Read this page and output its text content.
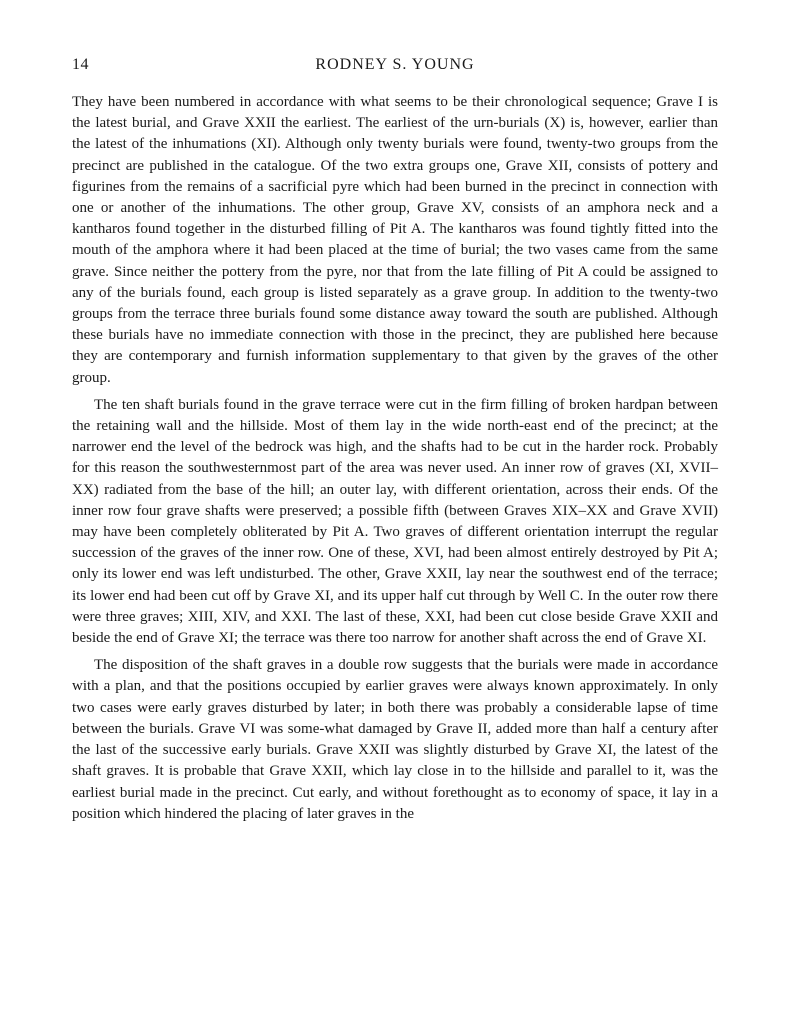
14	RODNEY S. YOUNG

They have been numbered in accordance with what seems to be their chronological sequence; Grave I is the latest burial, and Grave XXII the earliest. The earliest of the urn-burials (X) is, however, earlier than the latest of the inhumations (XI). Although only twenty burials were found, twenty-two groups from the precinct are published in the catalogue. Of the two extra groups one, Grave XII, consists of pottery and figurines from the remains of a sacrificial pyre which had been burned in the precinct in connection with one or another of the inhumations. The other group, Grave XV, consists of an amphora neck and a kantharos found together in the disturbed filling of Pit A. The kantharos was found tightly fitted into the mouth of the amphora where it had been placed at the time of burial; the two vases came from the same grave. Since neither the pottery from the pyre, nor that from the late filling of Pit A could be assigned to any of the burials found, each group is listed separately as a grave group. In addition to the twenty-two groups from the terrace three burials found some distance away toward the south are published. Although these burials have no immediate connection with those in the precinct, they are published here because they are contemporary and furnish information supplementary to that given by the graves of the other group.

The ten shaft burials found in the grave terrace were cut in the firm filling of broken hardpan between the retaining wall and the hillside. Most of them lay in the wide north-east end of the precinct; at the narrower end the level of the bedrock was high, and the shafts had to be cut in the harder rock. Probably for this reason the southwesternmost part of the area was never used. An inner row of graves (XI, XVII–XX) radiated from the base of the hill; an outer lay, with different orientation, across their ends. Of the inner row four grave shafts were preserved; a possible fifth (between Graves XIX–XX and Grave XVII) may have been completely obliterated by Pit A. Two graves of different orientation interrupt the regular succession of the graves of the inner row. One of these, XVI, had been almost entirely destroyed by Pit A; only its lower end was left undisturbed. The other, Grave XXII, lay near the southwest end of the terrace; its lower end had been cut off by Grave XI, and its upper half cut through by Well C. In the outer row there were three graves; XIII, XIV, and XXI. The last of these, XXI, had been cut close beside Grave XXII and beside the end of Grave XI; the terrace was there too narrow for another shaft across the end of Grave XI.

The disposition of the shaft graves in a double row suggests that the burials were made in accordance with a plan, and that the positions occupied by earlier graves were always known approximately. In only two cases were early graves disturbed by later; in both there was probably a considerable lapse of time between the burials. Grave VI was some-what damaged by Grave II, added more than half a century after the last of the successive early burials. Grave XXII was slightly disturbed by Grave XI, the latest of the shaft graves. It is probable that Grave XXII, which lay close in to the hillside and parallel to it, was the earliest burial made in the precinct. Cut early, and without forethought as to economy of space, it lay in a position which hindered the placing of later graves in the
